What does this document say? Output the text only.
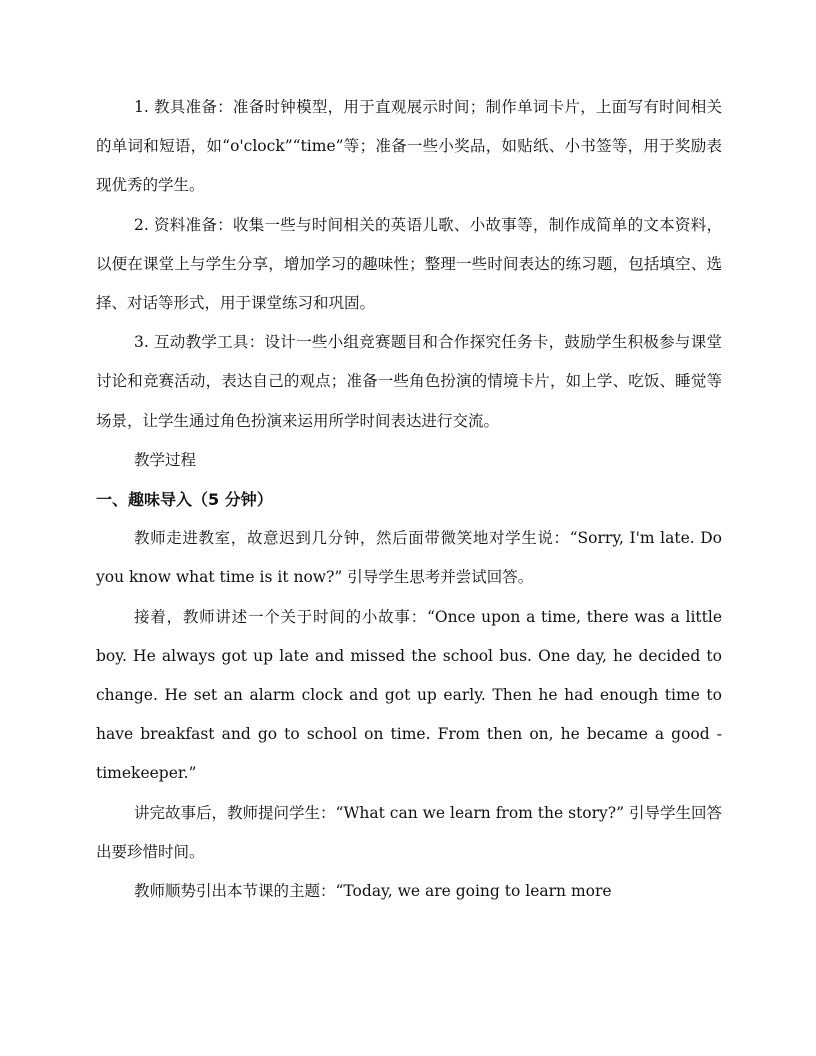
1. 教具准备：准备时钟模型，用于直观展示时间；制作单词卡片，上面写有时间相关的单词和短语，如“o'clock”“time”等；准备一些小奖品，如贴纸、小书签等，用于奖励表现优秀的学生。

2. 资料准备：收集一些与时间相关的英语儿歌、小故事等，制作成简单的文本资料，以便在课堂上与学生分享，增加学习的趣味性；整理一些时间表达的练习题，包括填空、选择、对话等形式，用于课堂练习和巩固。

3. 互动教学工具：设计一些小组竞赛题目和合作探究任务卡，鼓励学生积极参与课堂讨论和竞赛活动，表达自己的观点；准备一些角色扮演的情境卡片，如上学、吃饭、睡觉等场景，让学生通过角色扮演来运用所学时间表达进行交流。

教学过程

一、趣味导入（5 分钟）

教师走进教室，故意迟到几分钟，然后面带微笑地对学生说：“Sorry, I'm late. Do you know what time is it now?” 引导学生思考并尝试回答。

接着，教师讲述一个关于时间的小故事：“Once upon a time, there was a little boy. He always got up late and missed the school bus. One day, he decided to change. He set an alarm clock and got up early. Then he had enough time to have breakfast and go to school on time. From then on, he became a good - timekeeper.”

讲完故事后，教师提问学生：“What can we learn from the story?” 引导学生回答出要珍惜时间。

教师顺势引出本节课的主题：“Today, we are going to learn more
